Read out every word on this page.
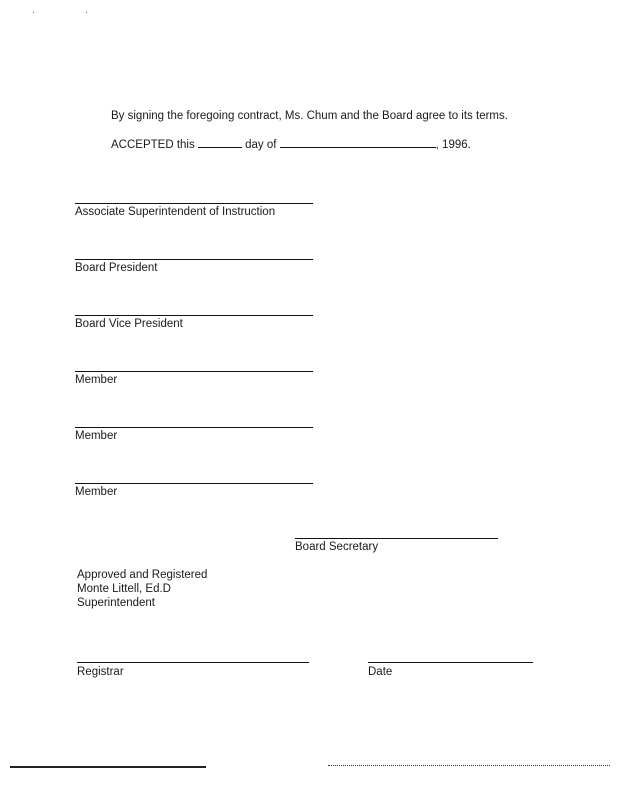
By signing the foregoing contract, Ms. Chum and the Board agree to its terms.
ACCEPTED this	day of	, 1996.
Associate Superintendent of Instruction
Board President
Board Vice President
Member
Member
Member
Board Secretary
Approved and Registered
Monte Littell, Ed.D
Superintendent
Registrar	Date
